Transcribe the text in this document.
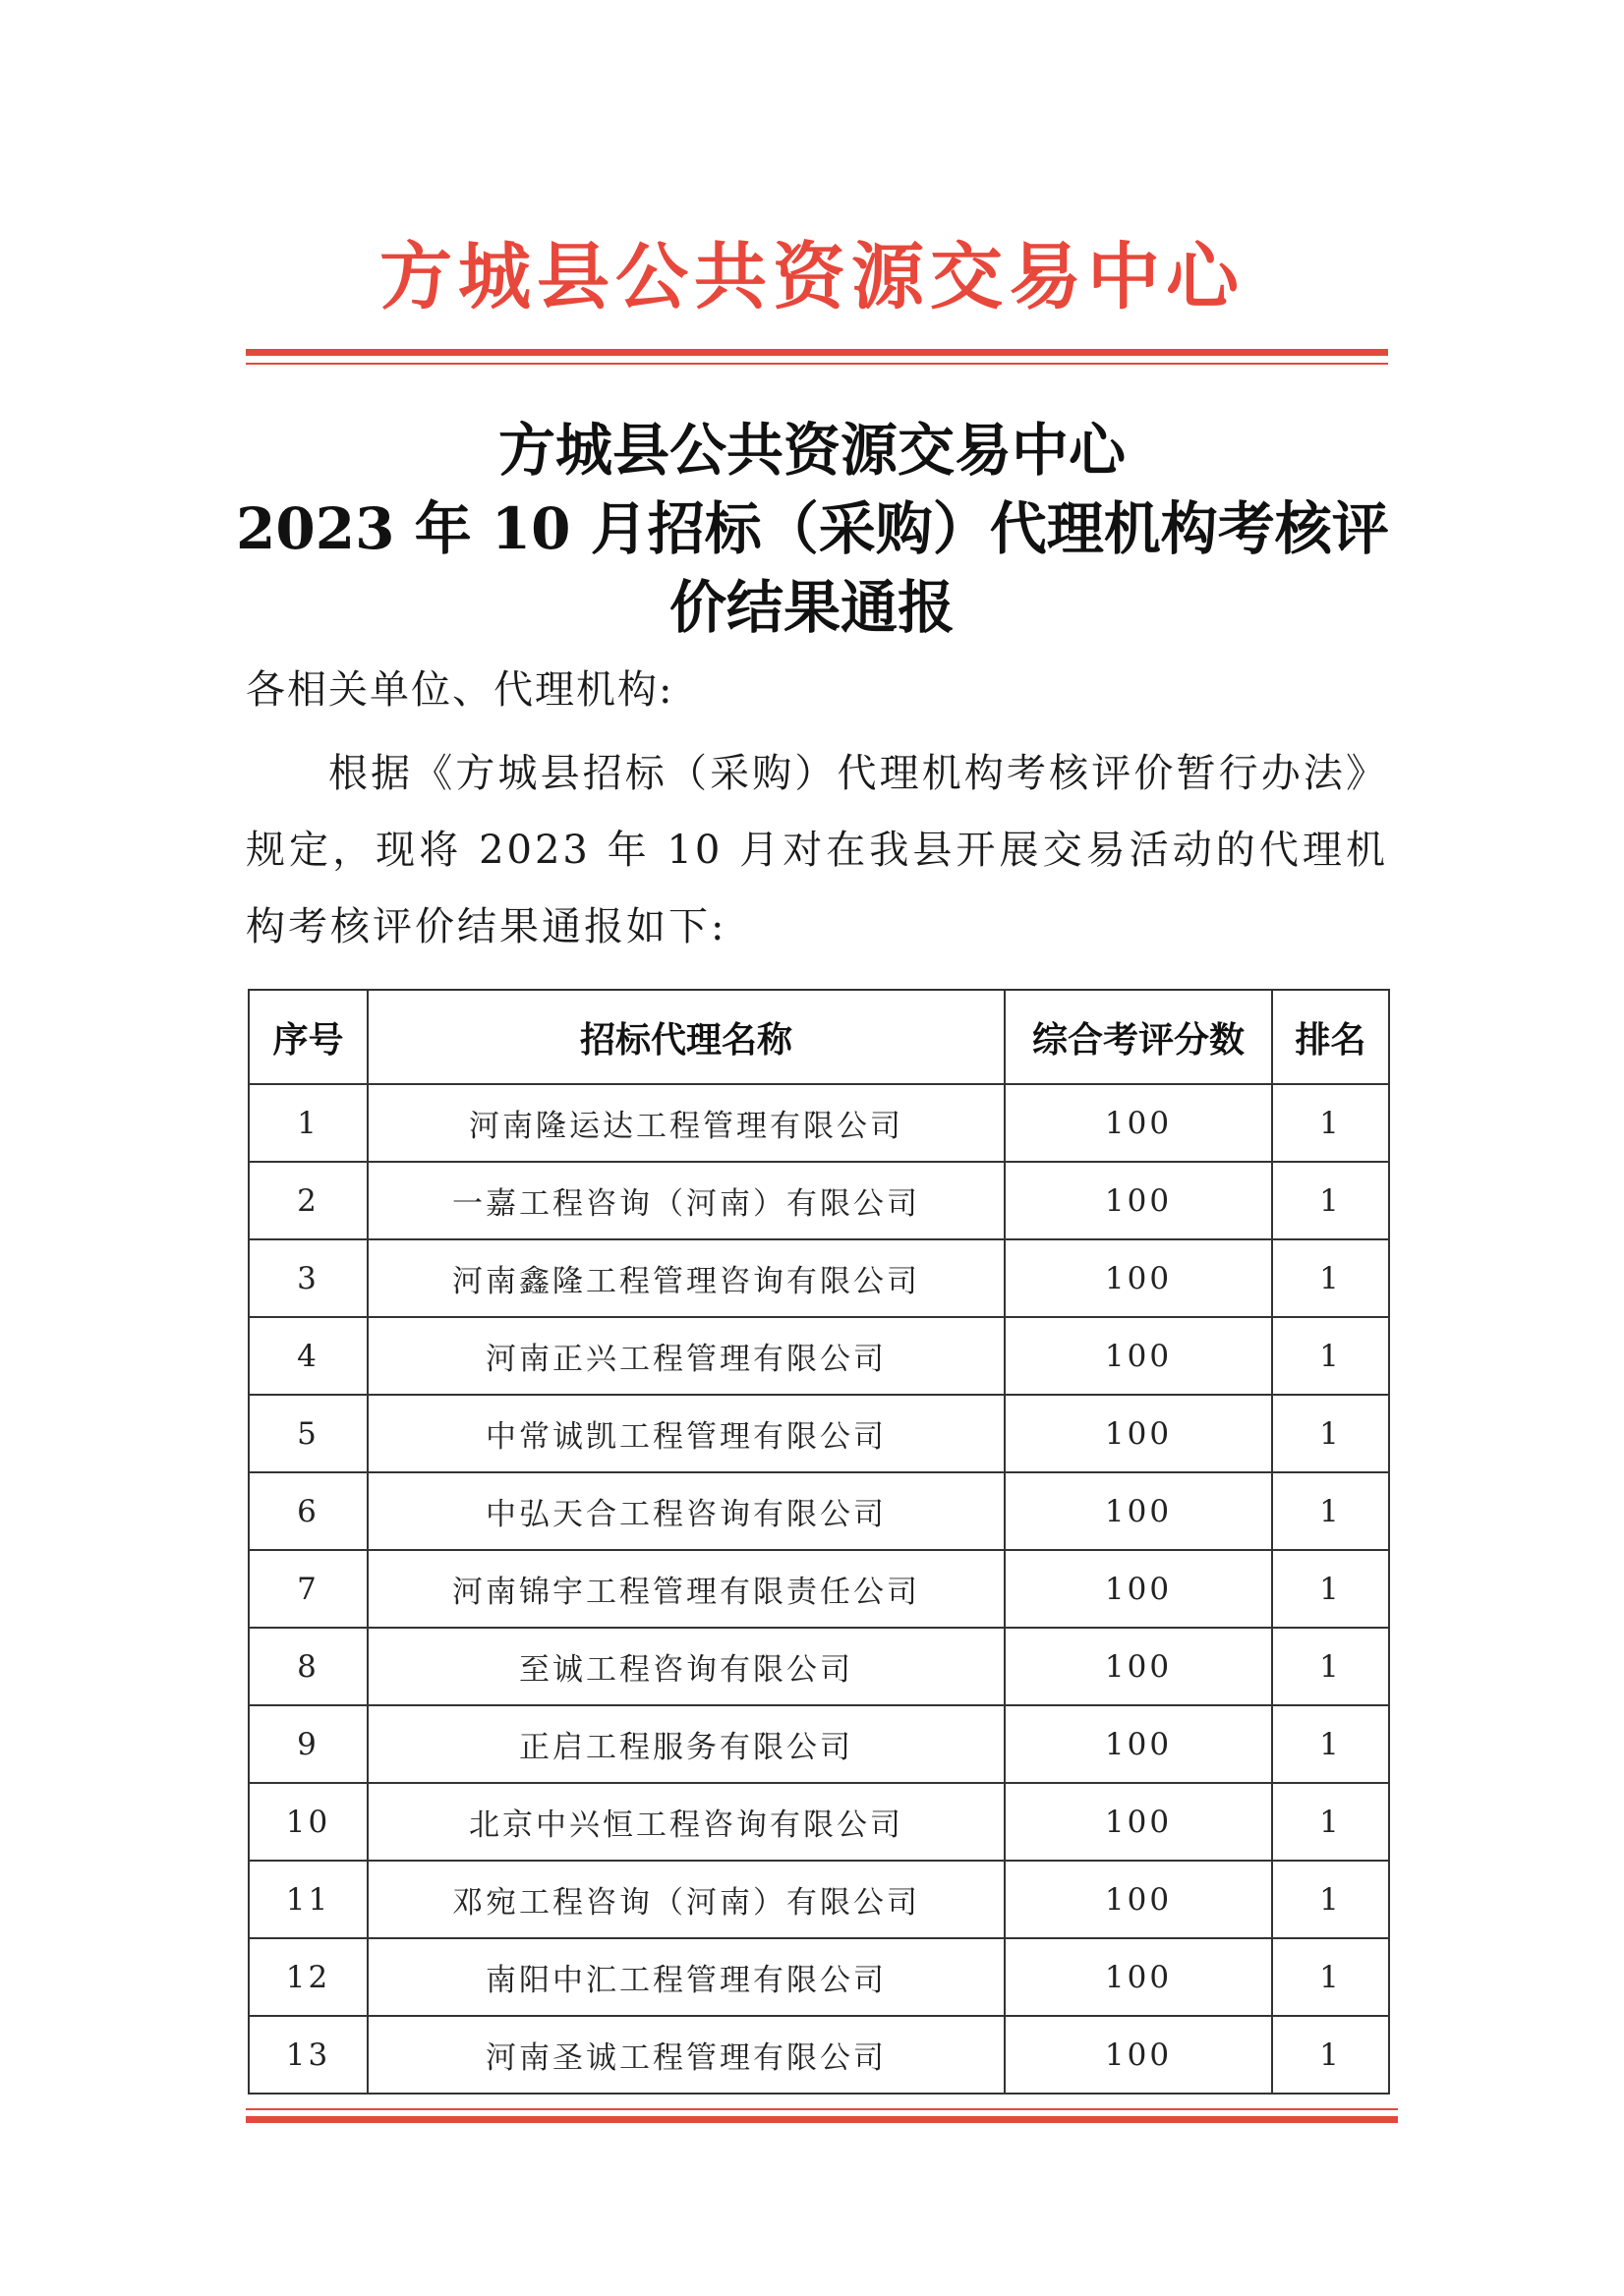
方城县公共资源交易中心
方城县公共资源交易中心
2023 年 10 月招标（采购）代理机构考核评
价结果通报
各相关单位、代理机构:
根据《方城县招标（采购）代理机构考核评价暂行办法》规定，现将 2023 年 10 月对在我县开展交易活动的代理机构考核评价结果通报如下:
序号	招标代理名称	综合考评分数	排名
1	河南隆运达工程管理有限公司	100	1
2	一嘉工程咨询（河南）有限公司	100	1
3	河南鑫隆工程管理咨询有限公司	100	1
4	河南正兴工程管理有限公司	100	1
5	中常诚凯工程管理有限公司	100	1
6	中弘天合工程咨询有限公司	100	1
7	河南锦宇工程管理有限责任公司	100	1
8	至诚工程咨询有限公司	100	1
9	正启工程服务有限公司	100	1
10	北京中兴恒工程咨询有限公司	100	1
11	邓宛工程咨询（河南）有限公司	100	1
12	南阳中汇工程管理有限公司	100	1
13	河南圣诚工程管理有限公司	100	1
